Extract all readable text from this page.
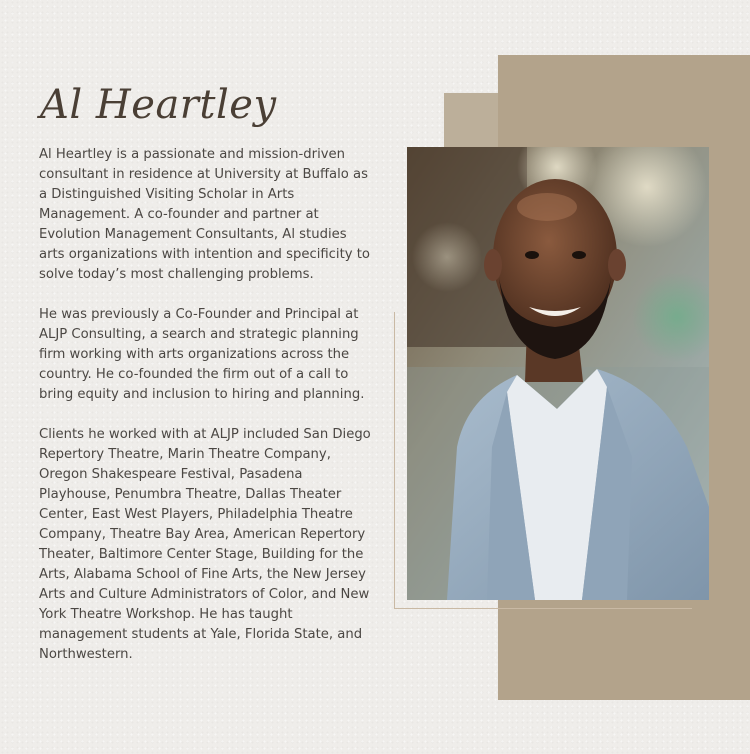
Al Heartley

Al Heartley is a passionate and mission-driven consultant in residence at University at Buffalo as a Distinguished Visiting Scholar in Arts Management. A co-founder and partner at Evolution Management Consultants, Al studies arts organizations with intention and specificity to solve today’s most challenging problems.

He was previously a Co-Founder and Principal at ALJP Consulting, a search and strategic planning firm working with arts organizations across the country. He co-founded the firm out of a call to bring equity and inclusion to hiring and planning.

Clients he worked with at ALJP included San Diego Repertory Theatre, Marin Theatre Company, Oregon Shakespeare Festival, Pasadena Playhouse, Penumbra Theatre, Dallas Theater Center, East West Players, Philadelphia Theatre Company, Theatre Bay Area, American Repertory Theater, Baltimore Center Stage, Building for the Arts, Alabama School of Fine Arts, the New Jersey Arts and Culture Administrators of Color, and New York Theatre Workshop. He has taught management students at Yale, Florida State, and Northwestern.
